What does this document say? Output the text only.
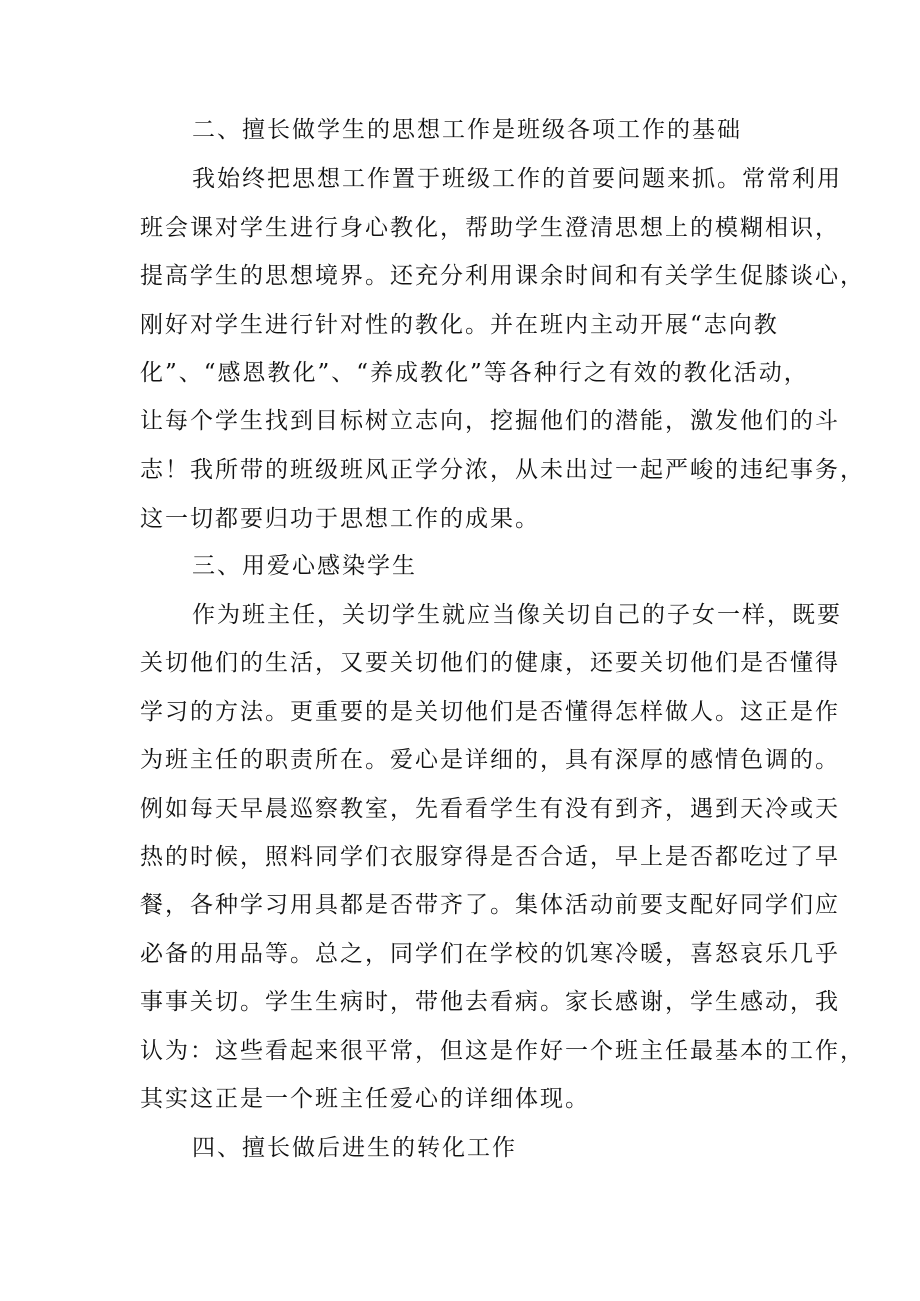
二、擅长做学生的思想工作是班级各项工作的基础
我始终把思想工作置于班级工作的首要问题来抓。常常利用
班会课对学生进行身心教化，帮助学生澄清思想上的模糊相识，
提高学生的思想境界。还充分利用课余时间和有关学生促膝谈心，
刚好对学生进行针对性的教化。并在班内主动开展“志向教
化”、“感恩教化”、“养成教化”等各种行之有效的教化活动，
让每个学生找到目标树立志向，挖掘他们的潜能，激发他们的斗
志！我所带的班级班风正学分浓，从未出过一起严峻的违纪事务，
这一切都要归功于思想工作的成果。
三、用爱心感染学生
作为班主任，关切学生就应当像关切自己的子女一样，既要
关切他们的生活，又要关切他们的健康，还要关切他们是否懂得
学习的方法。更重要的是关切他们是否懂得怎样做人。这正是作
为班主任的职责所在。爱心是详细的，具有深厚的感情色调的。
例如每天早晨巡察教室，先看看学生有没有到齐，遇到天冷或天
热的时候，照料同学们衣服穿得是否合适，早上是否都吃过了早
餐，各种学习用具都是否带齐了。集体活动前要支配好同学们应
必备的用品等。总之，同学们在学校的饥寒冷暖，喜怒哀乐几乎
事事关切。学生生病时，带他去看病。家长感谢，学生感动，我
认为：这些看起来很平常，但这是作好一个班主任最基本的工作，
其实这正是一个班主任爱心的详细体现。
四、擅长做后进生的转化工作
